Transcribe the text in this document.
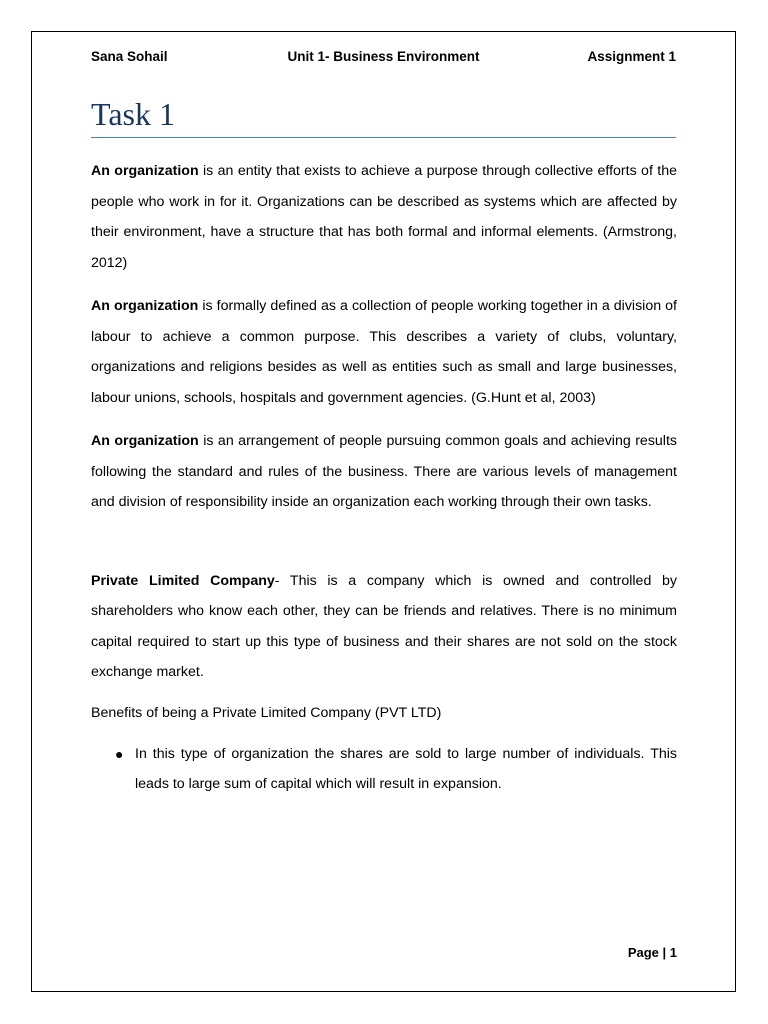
Sana Sohail	Unit 1- Business Environment	Assignment 1
Task 1

An organization is an entity that exists to achieve a purpose through collective efforts of the people who work in for it. Organizations can be described as systems which are affected by their environment, have a structure that has both formal and informal elements. (Armstrong, 2012)

An organization is formally defined as a collection of people working together in a division of labour to achieve a common purpose. This describes a variety of clubs, voluntary, organizations and religions besides as well as entities such as small and large businesses, labour unions, schools, hospitals and government agencies. (G.Hunt et al, 2003)

An organization is an arrangement of people pursuing common goals and achieving results following the standard and rules of the business. There are various levels of management and division of responsibility inside an organization each working through their own tasks.

Private Limited Company- This is a company which is owned and controlled by shareholders who know each other, they can be friends and relatives. There is no minimum capital required to start up this type of business and their shares are not sold on the stock exchange market.

Benefits of being a Private Limited Company (PVT LTD)

● In this type of organization the shares are sold to large number of individuals. This leads to large sum of capital which will result in expansion.
Page | 1
